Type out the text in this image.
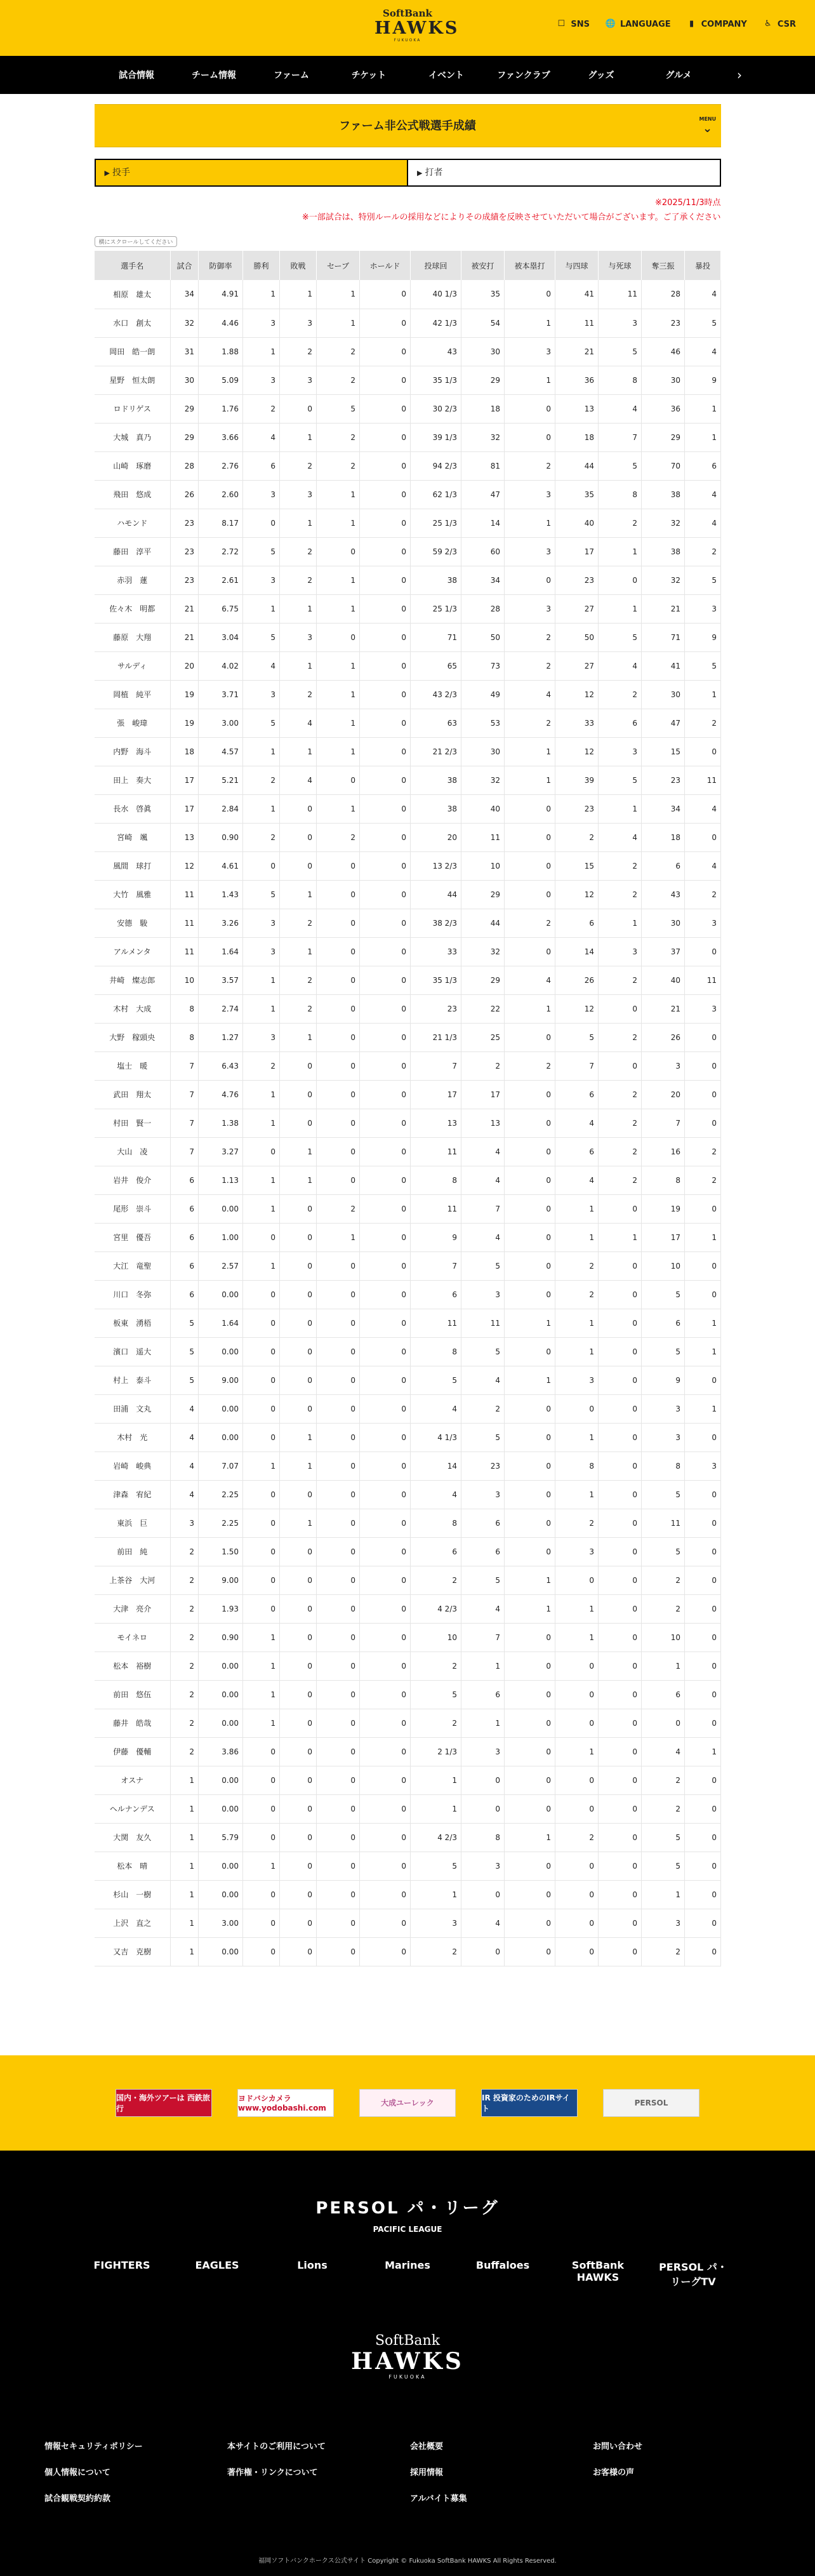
SoftBank
HAWKS
FUKUOKA
☐ SNS 🌐 LANGUAGE	▮ COMPANY ♿ CSR
試合情報	チーム情報	ファーム	チケット	イベント	ファンクラブ	グッズ	グルメ	›
ファーム非公式戦選手成績
MENU
⌄
▶ 投手	▶ 打者
※2025/11/3時点
※一部試合は、特別ルールの採用などによりその成績を反映させていただいて場合がございます。ご了承ください
横にスクロールしてください
選手名	試合	防御率	勝利	敗戦	セーブ	ホールド	投球回	被安打	被本塁打	与四球	与死球	奪三振	暴投
相原　雄太	34	4.91	1	1	1	0	40 1/3	35	0	41	11	28	4
水口　創太	32	4.46	3	3	1	0	42 1/3	54	1	11	3	23	5
岡田　皓一朗	31	1.88	1	2	2	0	43	30	3	21	5	46	4
星野　恒太朗	30	5.09	3	3	2	0	35 1/3	29	1	36	8	30	9
ロドリゲス	29	1.76	2	0	5	0	30 2/3	18	0	13	4	36	1
大城　真乃	29	3.66	4	1	2	0	39 1/3	32	0	18	7	29	1
山崎　琢磨	28	2.76	6	2	2	0	94 2/3	81	2	44	5	70	6
飛田　悠成	26	2.60	3	3	1	0	62 1/3	47	3	35	8	38	4
ハモンド	23	8.17	0	1	1	0	25 1/3	14	1	40	2	32	4
藤田　淳平	23	2.72	5	2	0	0	59 2/3	60	3	17	1	38	2
赤羽　蓮	23	2.61	3	2	1	0	38	34	0	23	0	32	5
佐々木　明都	21	6.75	1	1	1	0	25 1/3	28	3	27	1	21	3
藤原　大翔	21	3.04	5	3	0	0	71	50	2	50	5	71	9
サルディ	20	4.02	4	1	1	0	65	73	2	27	4	41	5
岡植　純平	19	3.71	3	2	1	0	43 2/3	49	4	12	2	30	1
張　峻瑋	19	3.00	5	4	1	0	63	53	2	33	6	47	2
内野　海斗	18	4.57	1	1	1	0	21 2/3	30	1	12	3	15	0
田上　奏大	17	5.21	2	4	0	0	38	32	1	39	5	23	11
長水　啓眞	17	2.84	1	0	1	0	38	40	0	23	1	34	4
宮崎　颯	13	0.90	2	0	2	0	20	11	0	2	4	18	0
風間　球打	12	4.61	0	0	0	0	13 2/3	10	0	15	2	6	4
大竹　風雅	11	1.43	5	1	0	0	44	29	0	12	2	43	2
安德　駿	11	3.26	3	2	0	0	38 2/3	44	2	6	1	30	3
アルメンタ	11	1.64	3	1	0	0	33	32	0	14	3	37	0
井崎　燦志郎	10	3.57	1	2	0	0	35 1/3	29	4	26	2	40	11
木村　大成	8	2.74	1	2	0	0	23	22	1	12	0	21	3
大野　稼頭央	8	1.27	3	1	0	0	21 1/3	25	0	5	2	26	0
塩士　暖	7	6.43	2	0	0	0	7	2	2	7	0	3	0
武田　翔太	7	4.76	1	0	0	0	17	17	0	6	2	20	0
村田　賢一	7	1.38	1	0	0	0	13	13	0	4	2	7	0
大山　凌	7	3.27	0	1	0	0	11	4	0	6	2	16	2
岩井　俊介	6	1.13	1	1	0	0	8	4	0	4	2	8	2
尾形　崇斗	6	0.00	1	0	2	0	11	7	0	1	0	19	0
宮里　優吾	6	1.00	0	0	1	0	9	4	0	1	1	17	1
大江　竜聖	6	2.57	1	0	0	0	7	5	0	2	0	10	0
川口　冬弥	6	0.00	0	0	0	0	6	3	0	2	0	5	0
板東　湧梧	5	1.64	0	0	0	0	11	11	1	1	0	6	1
濱口　遥大	5	0.00	0	0	0	0	8	5	0	1	0	5	1
村上　泰斗	5	9.00	0	0	0	0	5	4	1	3	0	9	0
田浦　文丸	4	0.00	0	0	0	0	4	2	0	0	0	3	1
木村　光	4	0.00	0	1	0	0	4 1/3	5	0	1	0	3	0
岩崎　峻典	4	7.07	1	1	0	0	14	23	0	8	0	8	3
津森　宥紀	4	2.25	0	0	0	0	4	3	0	1	0	5	0
東浜　巨	3	2.25	0	1	0	0	8	6	0	2	0	11	0
前田　純	2	1.50	0	0	0	0	6	6	0	3	0	5	0
上茶谷　大河	2	9.00	0	0	0	0	2	5	1	0	0	2	0
大津　亮介	2	1.93	0	0	0	0	4 2/3	4	1	1	0	2	0
モイネロ	2	0.90	1	0	0	0	10	7	0	1	0	10	0
松本　裕樹	2	0.00	1	0	0	0	2	1	0	0	0	1	0
前田　悠伍	2	0.00	1	0	0	0	5	6	0	0	0	6	0
藤井　皓哉	2	0.00	1	0	0	0	2	1	0	0	0	0	0
伊藤　優輔	2	3.86	0	0	0	0	2 1/3	3	0	1	0	4	1
オスナ	1	0.00	0	0	0	0	1	0	0	0	0	2	0
ヘルナンデス	1	0.00	0	0	0	0	1	0	0	0	0	2	0
大関　友久	1	5.79	0	0	0	0	4 2/3	8	1	2	0	5	0
松本　晴	1	0.00	1	0	0	0	5	3	0	0	0	5	0
杉山　一樹	1	0.00	0	0	0	0	1	0	0	0	0	1	0
上沢　直之	1	3.00	0	0	0	0	3	4	0	0	0	3	0
又吉　克樹	1	0.00	0	0	0	0	2	0	0	0	0	2	0
国内・海外ツアーは 西鉄旅行
ヨドバシカメラ www.yodobashi.com
大成ユーレック
IR 投資家のためのIRサイト
PERSOL
PERSOL パ・リーグ
PACIFIC LEAGUE
FIGHTERS	EAGLES	Lions	Marines	Buffaloes	SoftBank HAWKS
PERSOL パ・リーグTV
SoftBank
HAWKS
FUKUOKA
情報セキュリティポリシー	本サイトのご利用について	会社概要	お問い合わせ
個人情報について	著作権・リンクについて	採用情報	お客様の声
試合観戦契約約款	アルバイト募集
福岡ソフトバンクホークス公式サイト Copyright © Fukuoka SoftBank HAWKS All Rights Reserved.
